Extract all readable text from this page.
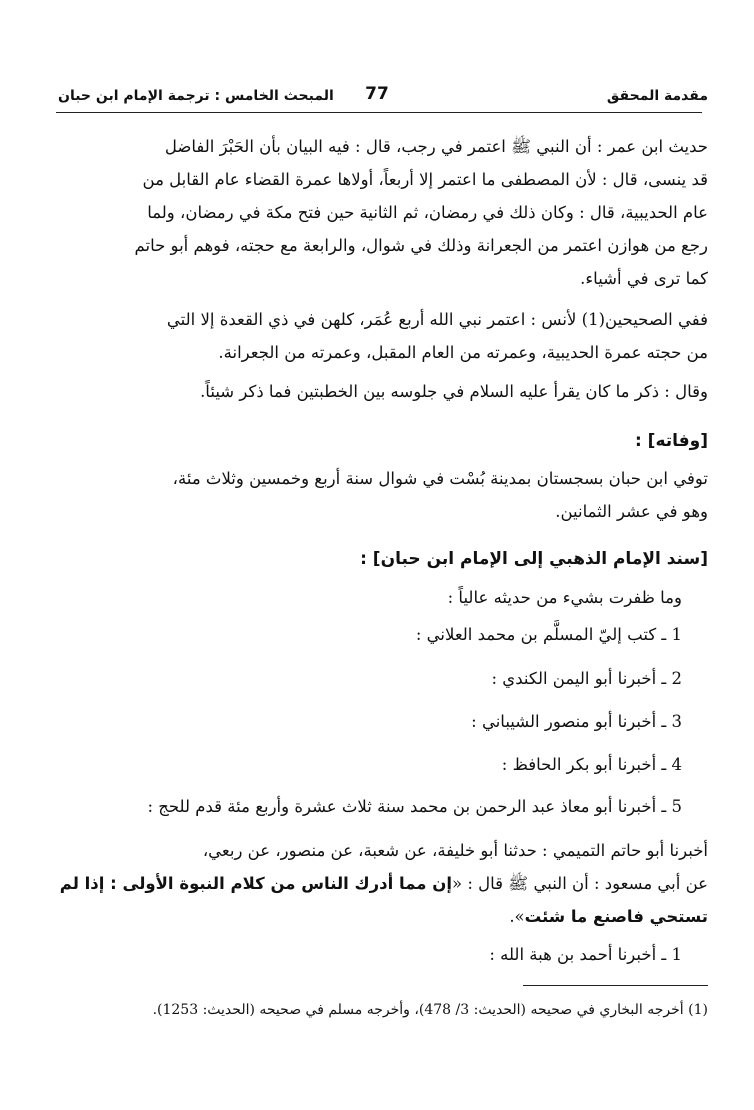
مقدمة المحقق
77
المبحث الخامس : ترجمة الإمام ابن حبان
حديث ابن عمر : أن النبي ﷺ اعتمر في رجب، قال : فيه البيان بأن الحَبْرَ الفاضل
قد ينسى، قال : لأن المصطفى ما اعتمر إلا أربعاً، أولاها عمرة القضاء عام القابل من
عام الحديبية، قال : وكان ذلك في رمضان، ثم الثانية حين فتح مكة في رمضان، ولما
رجع من هوازن اعتمر من الجعرانة وذلك في شوال، والرابعة مع حجته، فوهم أبو حاتم
كما ترى في أشياء.
ففي الصحيحين(1) لأنس : اعتمر نبي الله أربع عُمَر، كلهن في ذي القعدة إلا التي
من حجته عمرة الحديبية، وعمرته من العام المقبل، وعمرته من الجعرانة.
وقال : ذكر ما كان يقرأ عليه السلام في جلوسه بين الخطبتين فما ذكر شيئاً.
[وفاته] :
توفي ابن حبان بسجستان بمدينة بُسْت في شوال سنة أربع وخمسين وثلاث مئة،
وهو في عشر الثمانين.
[سند الإمام الذهبي إلى الإمام ابن حبان] :
وما ظفرت بشيء من حديثه عالياً :
1 ـ كتب إليّ المسلَّم بن محمد العلاني :
2 ـ أخبرنا أبو اليمن الكندي :
3 ـ أخبرنا أبو منصور الشيباني :
4 ـ أخبرنا أبو بكر الحافظ :
5 ـ أخبرنا أبو معاذ عبد الرحمن بن محمد سنة ثلاث عشرة وأربع مئة قدم للحج :
أخبرنا أبو حاتم التميمي : حدثنا أبو خليفة، عن شعبة، عن منصور، عن ربعي،
عن أبي مسعود : أن النبي ﷺ قال : «إن مما أدرك الناس من كلام النبوة الأولى : إذا لم
تستحي فاصنع ما شئت».
1 ـ أخبرنا أحمد بن هبة الله :
(1) أخرجه البخاري في صحيحه (الحديث: 3/ 478)، وأخرجه مسلم في صحيحه (الحديث: 1253).
